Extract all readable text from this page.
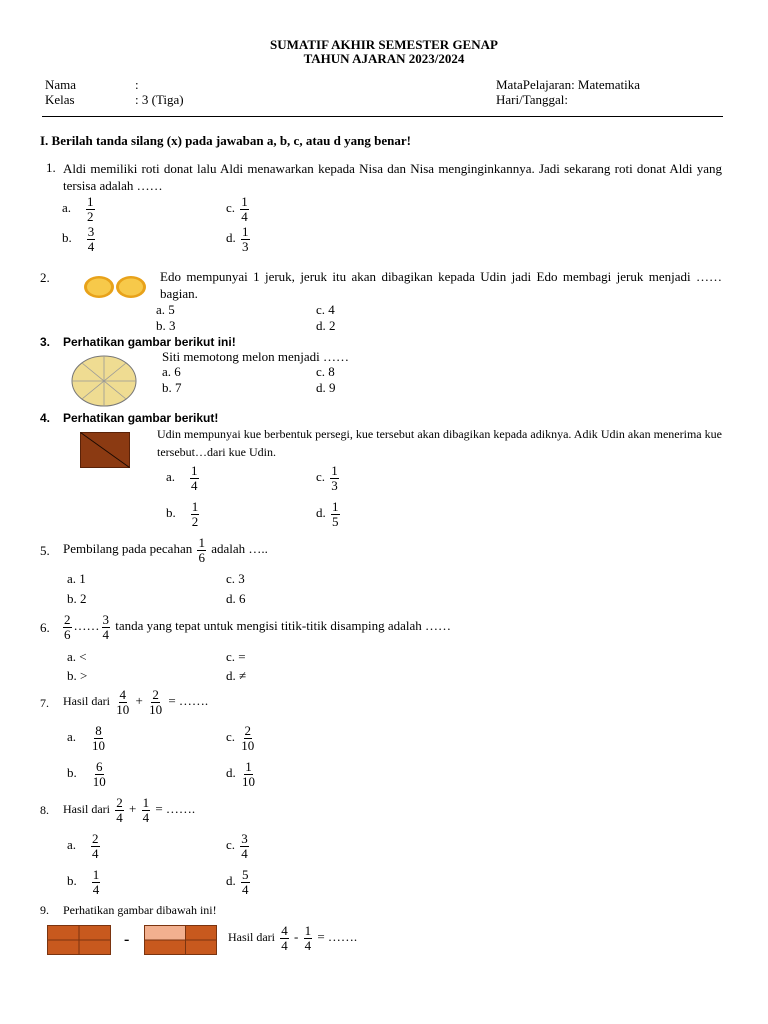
SUMATIF AKHIR SEMESTER GENAP
TAHUN AJARAN 2023/2024
Nama	:
Kelas	: 3 (Tiga)
MataPelajaran: Matematika
Hari/Tanggal:
I. Berilah tanda silang (x) pada jawaban a, b, c, atau d yang benar!
1. Aldi memiliki roti donat lalu Aldi menawarkan kepada Nisa dan Nisa menginginkannya. Jadi sekarang roti donat Aldi yang tersisa adalah ……
a. $\frac{1}{2}$
b. $\frac{3}{4}$
c. $\frac{1}{4}$
d. $\frac{1}{3}$
2.	Edo mempunyai 1 jeruk, jeruk itu akan dibagikan kepada Udin jadi Edo membagi jeruk menjadi ……bagian.
a. 5
b. 3
c. 4
d. 2
3. Perhatikan gambar berikut ini!
Siti memotong melon menjadi ……
a. 6
b. 7
c. 8
d. 9
4. Perhatikan gambar berikut!
Udin mempunyai kue berbentuk persegi, kue tersebut akan dibagikan kepada adiknya. Adik Udin akan menerima kue tersebut…dari kue Udin.
a. $\frac{1}{4}$
b. $\frac{1}{2}$
c. $\frac{1}{3}$
d. $\frac{1}{5}$
5. Pembilang pada pecahan $\frac{1}{6}$ adalah …..
a. 1
b. 2
c. 3
d. 6
6. $\frac{2}{6}$ …… $\frac{3}{4}$ tanda yang tepat untuk mengisi titik-titik disamping adalah ……
a. <
b. >
c. =
d. ≠
7. Hasil dari $\frac{4}{10} + \frac{2}{10}$ = …….
a. $\frac{8}{10}$
b. $\frac{6}{10}$
c. $\frac{2}{10}$
d. $\frac{1}{10}$
8. Hasil dari $\frac{2}{4} + \frac{1}{4}$ = …….
a. $\frac{2}{4}$
b. $\frac{1}{4}$
c. $\frac{3}{4}$
d. $\frac{5}{4}$
9. Perhatikan gambar dibawah ini!
-	Hasil dari $\frac{4}{4} - \frac{1}{4}$ = …….
